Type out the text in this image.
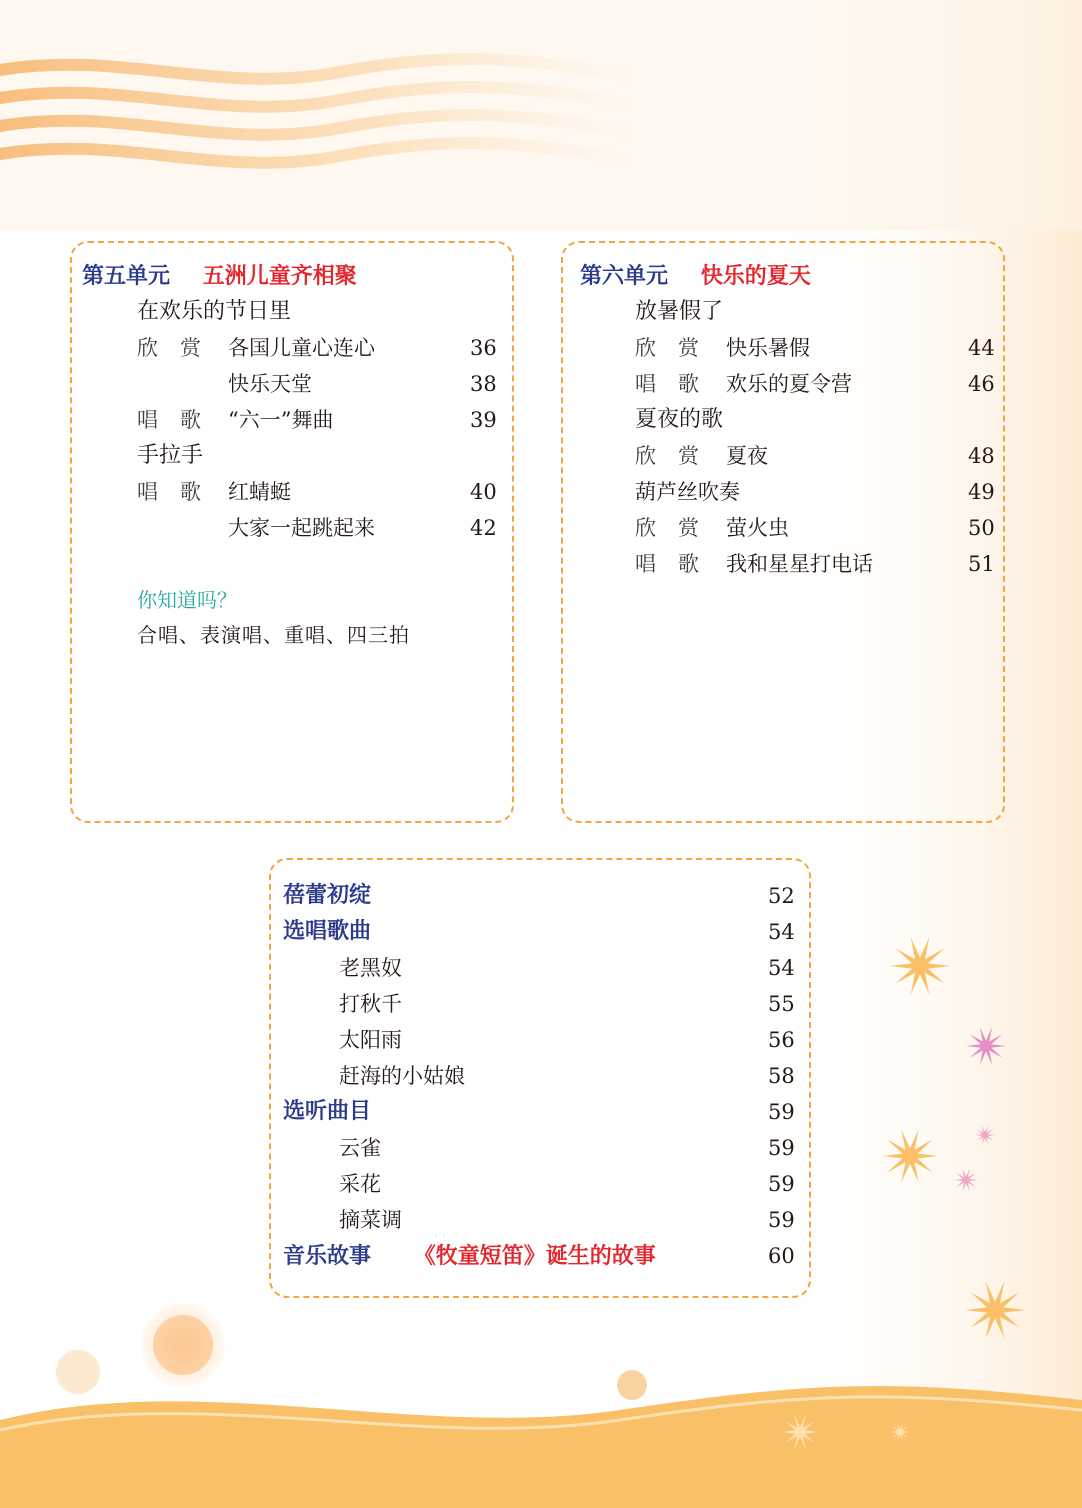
第五单元 五洲儿童齐相聚
在欢乐的节日里
欣赏 各国儿童心连心	36
快乐天堂	38
唱歌 “六一”舞曲	39
手拉手
唱歌 红蜻蜓	40
大家一起跳起来	42
你知道吗？
合唱、表演唱、重唱、四三拍
第六单元 快乐的夏天
放暑假了
欣赏 快乐暑假	44
唱歌 欢乐的夏令营	46
夏夜的歌
欣赏 夏夜	48
葫芦丝吹奏	49
欣赏 萤火虫	50
唱歌 我和星星打电话	51
蓓蕾初绽	52
选唱歌曲	54
老黑奴	54
打秋千	55
太阳雨	56
赶海的小姑娘	58
选听曲目	59
云雀	59
采花	59
摘菜调	59
音乐故事 《牧童短笛》诞生的故事	60
